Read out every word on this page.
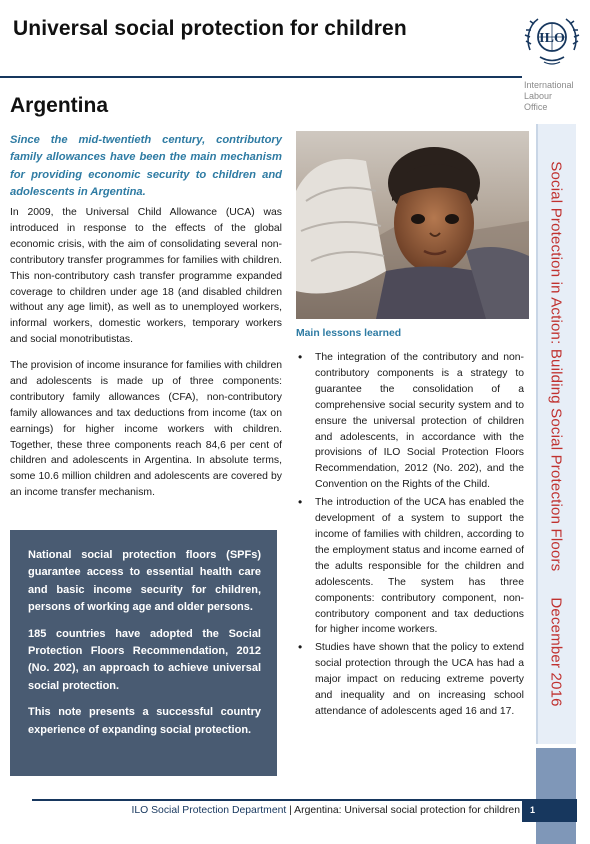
Universal social protection for children	ILO
International
Labour
Office
Argentina

Since the mid-twentieth century, contributory family allowances have been the main mechanism for providing economic security to children and adolescents in Argentina.

In 2009, the Universal Child Allowance (UCA) was introduced in response to the effects of the global economic crisis, with the aim of consolidating several non-contributory transfer programmes for families with children. This non-contributory cash transfer programme expanded coverage to children under age 18 (and disabled children without any age limit), as well as to unemployed workers, informal workers, domestic workers, temporary workers and social monotributistas.

The provision of income insurance for families with children and adolescents is made up of three components: contributory family allowances (CFA), non-contributory family allowances and tax deductions from income (tax on earnings) for higher income workers with children. Together, these three components reach 84,6 per cent of children and adolescents in Argentina. In absolute terms, some 10.6 million children and adolescents are covered by an income transfer mechanism.

National social protection floors (SPFs) guarantee access to essential health care and basic income security for children, persons of working age and older persons.

185 countries have adopted the Social Protection Floors Recommendation, 2012 (No. 202), an approach to achieve universal social protection.

This note presents a successful country experience of expanding social protection.

Main lessons learned
• The integration of the contributory and non-contributory components is a strategy to guarantee the consolidation of a comprehensive social security system and to ensure the universal protection of children and adolescents, in accordance with the provisions of ILO Social Protection Floors Recommendation, 2012 (No. 202), and the Convention on the Rights of the Child.
• The introduction of the UCA has enabled the development of a system to support the income of families with children, according to the employment status and income earned of the adults responsible for the children and adolescents. The system has three components: contributory component, non-contributory component and tax deductions for higher income workers.
• Studies have shown that the policy to extend social protection through the UCA has had a major impact on reducing extreme poverty and inequality and on increasing school attendance of adolescents aged 16 and 17.
Social Protection in Action: Building Social Protection FloorsDecember 2016
ILO Social Protection Department | Argentina: Universal social protection for children	1
